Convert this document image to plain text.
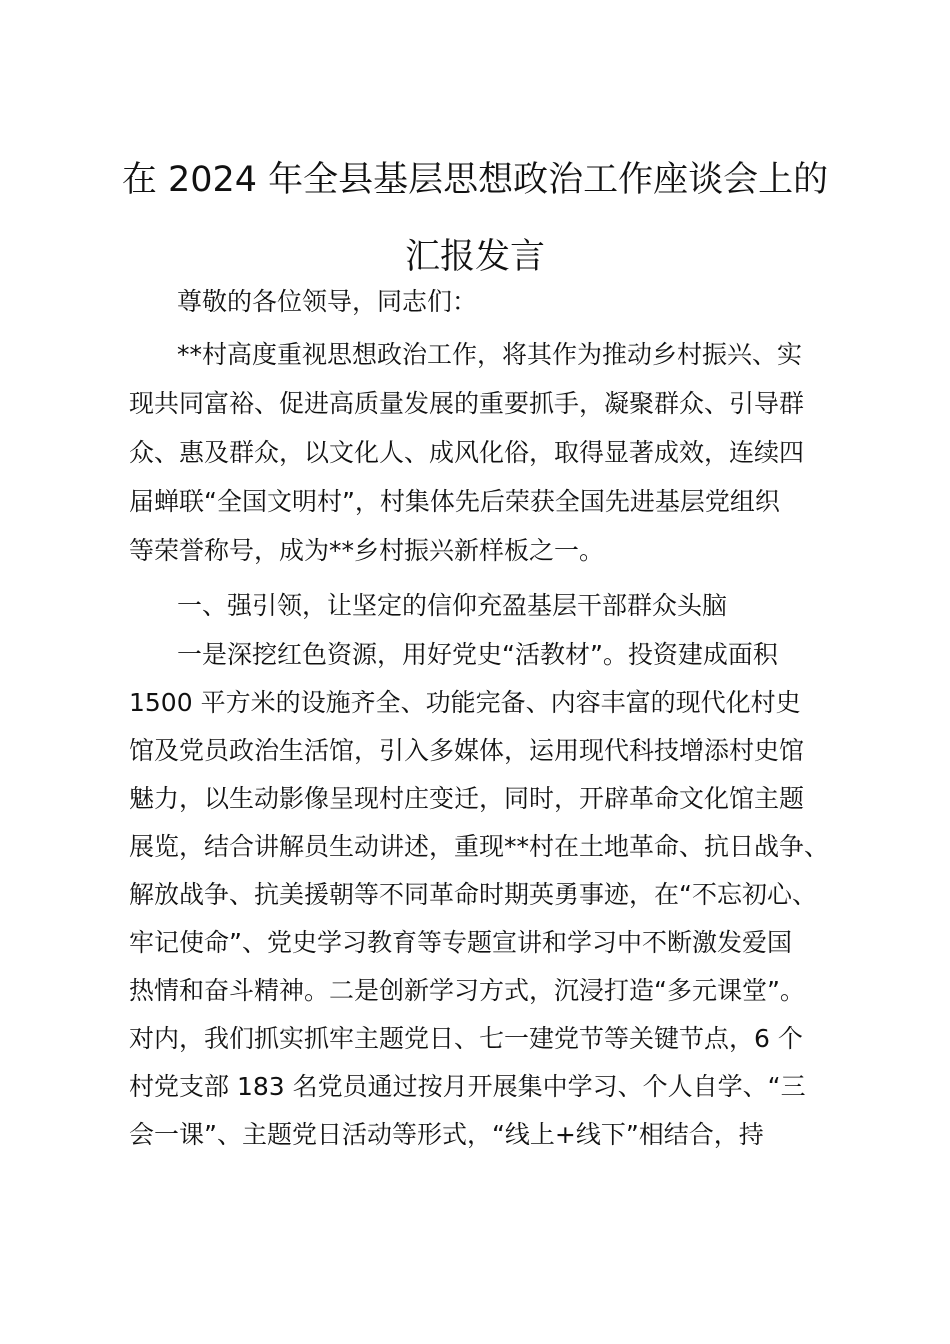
在 2024 年全县基层思想政治工作座谈会上的
汇报发言

尊敬的各位领导，同志们：

**村高度重视思想政治工作，将其作为推动乡村振兴、实

现共同富裕、促进高质量发展的重要抓手，凝聚群众、引导群

众、惠及群众，以文化人、成风化俗，取得显著成效，连续四

届蝉联“全国文明村”，村集体先后荣获全国先进基层党组织

等荣誉称号，成为**乡村振兴新样板之一。

一、强引领，让坚定的信仰充盈基层干部群众头脑

一是深挖红色资源，用好党史“活教材”。投资建成面积

1500 平方米的设施齐全、功能完备、内容丰富的现代化村史

馆及党员政治生活馆，引入多媒体，运用现代科技增添村史馆

魅力，以生动影像呈现村庄变迁，同时，开辟革命文化馆主题

展览，结合讲解员生动讲述，重现**村在土地革命、抗日战争、

解放战争、抗美援朝等不同革命时期英勇事迹，在“不忘初心、

牢记使命”、党史学习教育等专题宣讲和学习中不断激发爱国

热情和奋斗精神。二是创新学习方式，沉浸打造“多元课堂”。

对内，我们抓实抓牢主题党日、七一建党节等关键节点，6 个

村党支部 183 名党员通过按月开展集中学习、个人自学、“三

会一课”、主题党日活动等形式，“线上+线下”相结合，持
